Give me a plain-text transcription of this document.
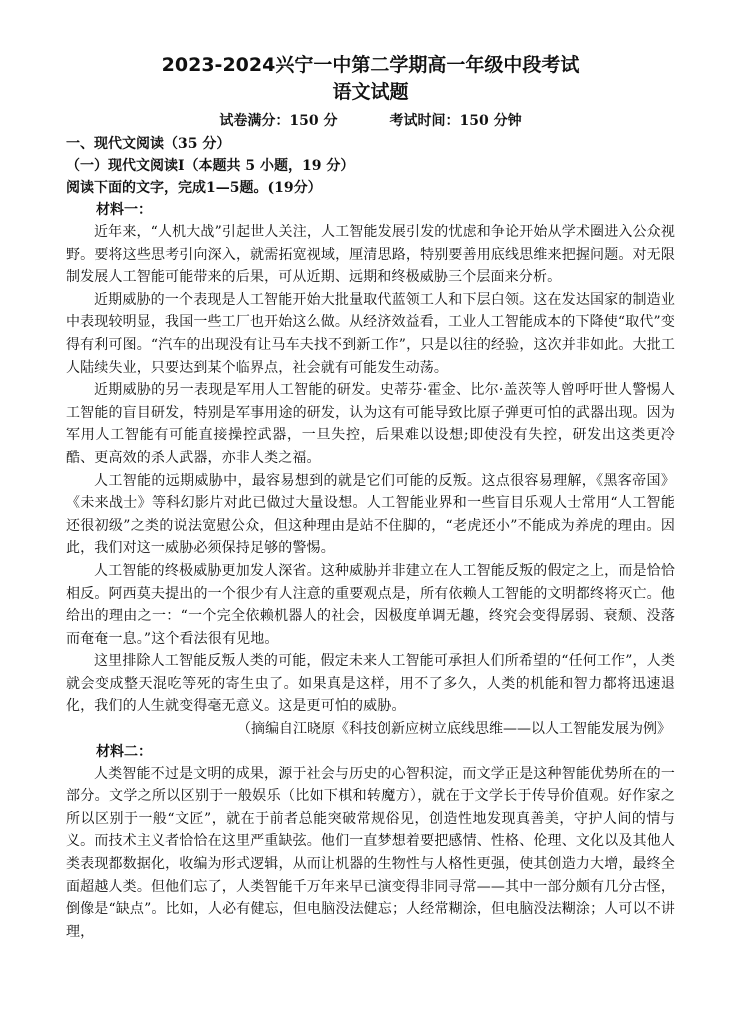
2023-2024兴宁一中第二学期高一年级中段考试
语文试题
试卷满分：150 分	考试时间：150 分钟
一、现代文阅读（35 分）
（一）现代文阅读Ⅰ（本题共 5 小题，19 分）
阅读下面的文字，完成1—5题。(19分）
材料一：

近年来，“人机大战”引起世人关注，人工智能发展引发的忧虑和争论开始从学术圈进入公众视野。要将这些思考引向深入，就需拓宽视域，厘清思路，特别要善用底线思维来把握问题。对无限制发展人工智能可能带来的后果，可从近期、远期和终极威胁三个层面来分析。

近期威胁的一个表现是人工智能开始大批量取代蓝领工人和下层白领。这在发达国家的制造业中表现较明显，我国一些工厂也开始这么做。从经济效益看，工业人工智能成本的下降使“取代”变得有利可图。“汽车的出现没有让马车夫找不到新工作”，只是以往的经验，这次并非如此。大批工人陆续失业，只要达到某个临界点，社会就有可能发生动荡。

近期威胁的另一表现是军用人工智能的研发。史蒂芬·霍金、比尔·盖茨等人曾呼吁世人警惕人工智能的盲目研发，特别是军事用途的研发，认为这有可能导致比原子弹更可怕的武器出现。因为军用人工智能有可能直接操控武器，一旦失控，后果难以设想;即使没有失控，研发出这类更冷酷、更高效的杀人武器，亦非人类之福。

人工智能的远期威胁中，最容易想到的就是它们可能的反叛。这点很容易理解，《黑客帝国》《未来战士》等科幻影片对此已做过大量设想。人工智能业界和一些盲目乐观人士常用“人工智能还很初级”之类的说法宽慰公众，但这种理由是站不住脚的，“老虎还小”不能成为养虎的理由。因此，我们对这一威胁必须保持足够的警惕。

人工智能的终极威胁更加发人深省。这种威胁并非建立在人工智能反叛的假定之上，而是恰恰相反。阿西莫夫提出的一个很少有人注意的重要观点是，所有依赖人工智能的文明都终将灭亡。他给出的理由之一：“一个完全依赖机器人的社会，因极度单调无趣，终究会变得孱弱、衰颓、没落而奄奄一息。”这个看法很有见地。

这里排除人工智能反叛人类的可能，假定未来人工智能可承担人们所希望的“任何工作”，人类就会变成整天混吃等死的寄生虫了。如果真是这样，用不了多久，人类的机能和智力都将迅速退化，我们的人生就变得毫无意义。这是更可怕的威胁。

（摘编自江晓原《科技创新应树立底线思维——以人工智能发展为例》
材料二：

人类智能不过是文明的成果，源于社会与历史的心智积淀，而文学正是这种智能优势所在的一部分。文学之所以区别于一般娱乐（比如下棋和转魔方），就在于文学长于传导价值观。好作家之所以区别于一般“文匠”，就在于前者总能突破常规俗见，创造性地发现真善美，守护人间的情与义。而技术主义者恰恰在这里严重缺弦。他们一直梦想着要把感情、性格、伦理、文化以及其他人类表现都数据化，收编为形式逻辑，从而让机器的生物性与人格性更强，使其创造力大增，最终全面超越人类。但他们忘了，人类智能千万年来早已演变得非同寻常——其中一部分颇有几分古怪，倒像是“缺点”。比如，人必有健忘，但电脑没法健忘；人经常糊涂，但电脑没法糊涂；人可以不讲理，
